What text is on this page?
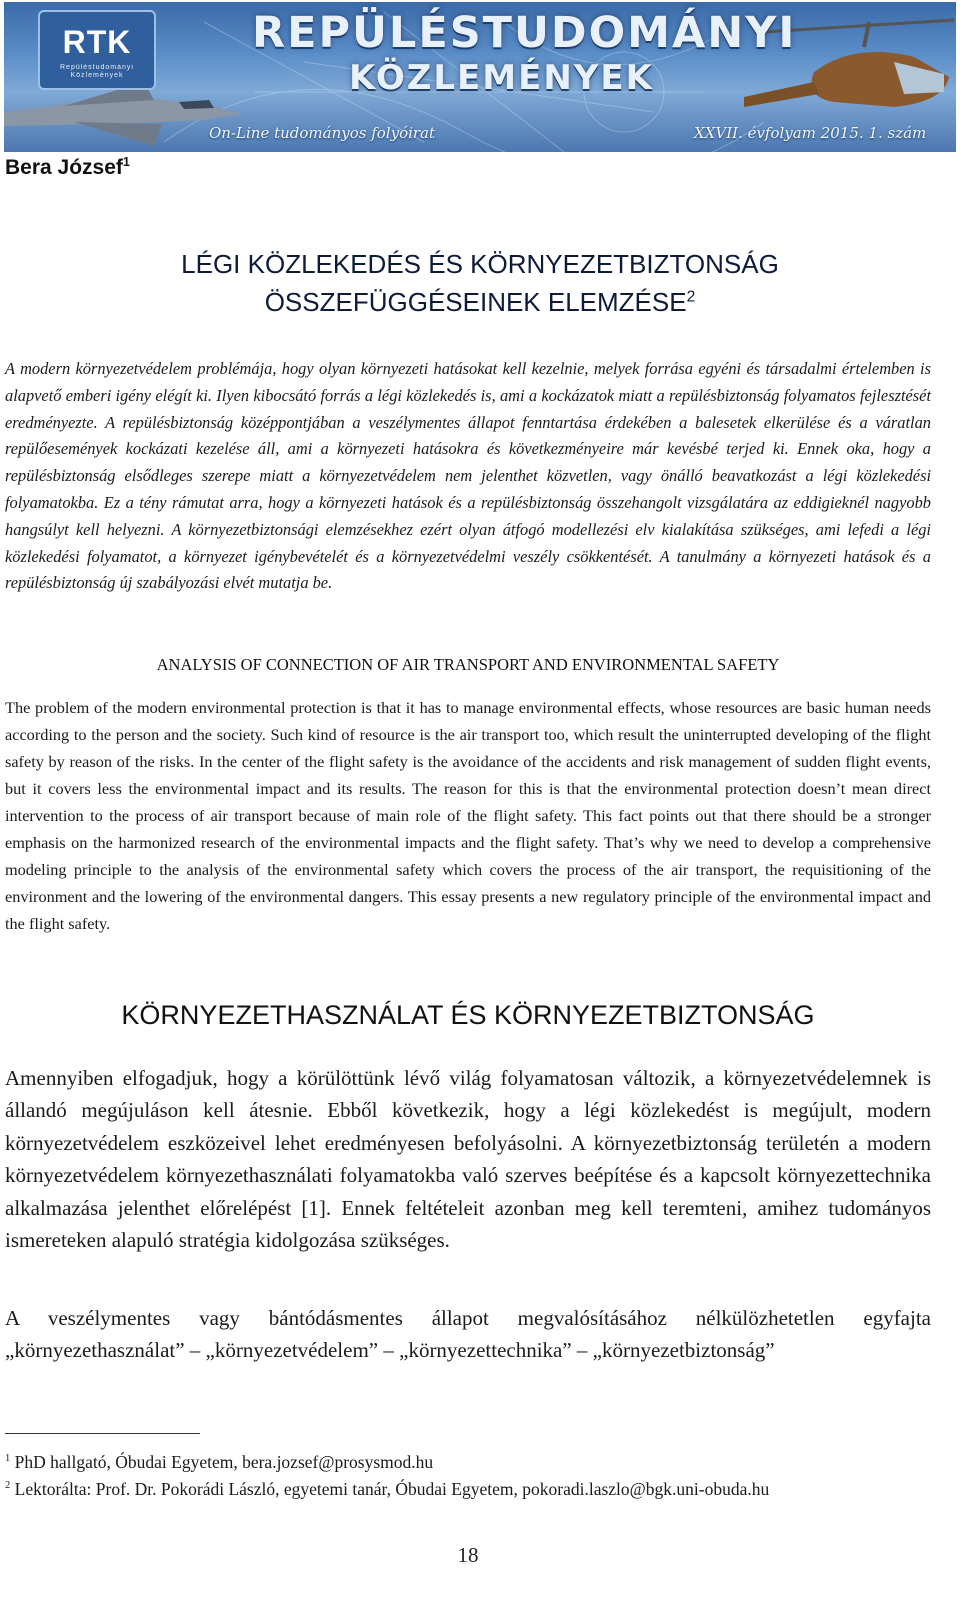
RTK
Repüléstudományi Közlemények
REPÜLÉSTUDOMÁNYI
KÖZLEMÉNYEK
On-Line tudományos folyóirat	XXVII. évfolyam 2015. 1. szám
Bera József$^1$
LÉGI KÖZLEKEDÉS ÉS KÖRNYEZETBIZTONSÁG
ÖSSZEFÜGGÉSEINEK ELEMZÉSE$^2$
A modern környezetvédelem problémája, hogy olyan környezeti hatásokat kell kezelnie, melyek forrása egyéni és társadalmi értelemben is alapvető emberi igény elégít ki. Ilyen kibocsátó forrás a légi közlekedés is, ami a kockázatok miatt a repülésbiztonság folyamatos fejlesztését eredményezte. A repülésbiztonság középpontjában a veszélymentes állapot fenntartása érdekében a balesetek elkerülése és a váratlan repülőesemények kockázati kezelése áll, ami a környezeti hatásokra és következményeire már kevésbé terjed ki. Ennek oka, hogy a repülésbiztonság elsődleges szerepe miatt a környezetvédelem nem jelenthet közvetlen, vagy önálló beavatkozást a légi közlekedési folyamatokba. Ez a tény rámutat arra, hogy a környezeti hatások és a repülésbiztonság összehangolt vizsgálatára az eddigieknél nagyobb hangsúlyt kell helyezni. A környezetbiztonsági elemzésekhez ezért olyan átfogó modellezési elv kialakítása szükséges, ami lefedi a légi közlekedési folyamatot, a környezet igénybevételét és a környezetvédelmi veszély csökkentését. A tanulmány a környezeti hatások és a repülésbiztonság új szabályozási elvét mutatja be.
ANALYSIS OF CONNECTION OF AIR TRANSPORT AND ENVIRONMENTAL SAFETY
The problem of the modern environmental protection is that it has to manage environmental effects, whose resources are basic human needs according to the person and the society. Such kind of resource is the air transport too, which result the uninterrupted developing of the flight safety by reason of the risks. In the center of the flight safety is the avoidance of the accidents and risk management of sudden flight events, but it covers less the environmental impact and its results. The reason for this is that the environmental protection doesn’t mean direct intervention to the process of air transport because of main role of the flight safety. This fact points out that there should be a stronger emphasis on the harmonized research of the environmental impacts and the flight safety. That’s why we need to develop a comprehensive modeling principle to the analysis of the environmental safety which covers the process of the air transport, the requisitioning of the environment and the lowering of the environmental dangers. This essay presents a new regulatory principle of the environmental impact and the flight safety.
KÖRNYEZETHASZNÁLAT ÉS KÖRNYEZETBIZTONSÁG
Amennyiben elfogadjuk, hogy a körülöttünk lévő világ folyamatosan változik, a környezetvédelemnek is állandó megújuláson kell átesnie. Ebből következik, hogy a légi közlekedést is megújult, modern környezetvédelem eszközeivel lehet eredményesen befolyásolni. A környezetbiztonság területén a modern környezetvédelem környezethasználati folyamatokba való szerves beépítése és a kapcsolt környezettechnika alkalmazása jelenthet előrelépést [1]. Ennek feltételeit azonban meg kell teremteni, amihez tudományos ismereteken alapuló stratégia kidolgozása szükséges.
A veszélymentes vagy bántódásmentes állapot megvalósításához nélkülözhetetlen egyfajta „környezethasználat” – „környezetvédelem” – „környezettechnika” – „környezetbiztonság”
$^1$ PhD hallgató, Óbudai Egyetem, bera.jozsef@prosysmod.hu
$^2$ Lektorálta: Prof. Dr. Pokorádi László, egyetemi tanár, Óbudai Egyetem, pokoradi.laszlo@bgk.uni-obuda.hu
18
